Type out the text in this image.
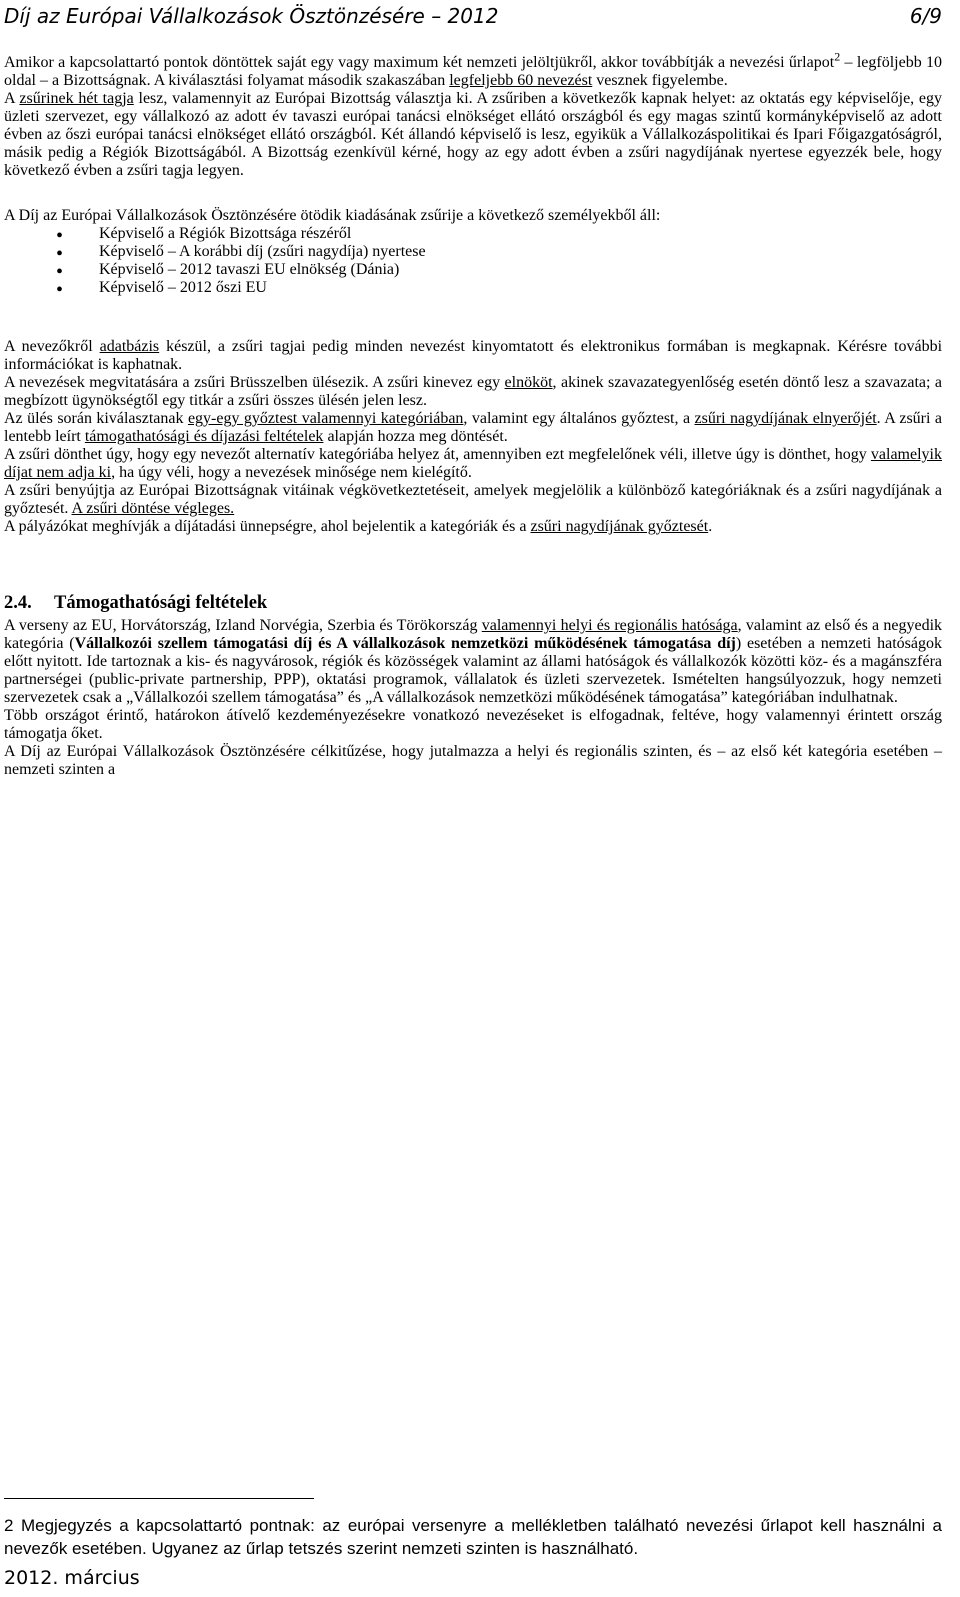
Díj az Európai Vállalkozások Ösztönzésére – 2012	6/9

Amikor a kapcsolattartó pontok döntöttek saját egy vagy maximum két nemzeti jelöltjükről, akkor továbbítják a nevezési űrlapot$^2$ – legföljebb 10 oldal – a Bizottságnak. A kiválasztási folyamat második szakaszában legfeljebb 60 nevezést vesznek figyelembe.

A zsűrinek hét tagja lesz, valamennyit az Európai Bizottság választja ki. A zsűriben a következők kapnak helyet: az oktatás egy képviselője, egy üzleti szervezet, egy vállalkozó az adott év tavaszi európai tanácsi elnökséget ellátó országból és egy magas szintű kormányképviselő az adott évben az őszi európai tanácsi elnökséget ellátó országból. Két állandó képviselő is lesz, egyikük a Vállalkozáspolitikai és Ipari Főigazgatóságról, másik pedig a Régiók Bizottságából. A Bizottság ezenkívül kérné, hogy az egy adott évben a zsűri nagydíjának nyertese egyezzék bele, hogy következő évben a zsűri tagja legyen.

A Díj az Európai Vállalkozások Ösztönzésére ötödik kiadásának zsűrije a következő személyekből áll:

• Képviselő a Régiók Bizottsága részéről
• Képviselő – A korábbi díj (zsűri nagydíja) nyertese
• Képviselő – 2012 tavaszi EU elnökség (Dánia)
• Képviselő – 2012 őszi EU

A nevezőkről adatbázis készül, a zsűri tagjai pedig minden nevezést kinyomtatott és elektronikus formában is megkapnak. Kérésre további információkat is kaphatnak.

A nevezések megvitatására a zsűri Brüsszelben ülésezik. A zsűri kinevez egy elnököt, akinek szavazategyenlőség esetén döntő lesz a szavazata; a megbízott ügynökségtől egy titkár a zsűri összes ülésén jelen lesz.

Az ülés során kiválasztanak egy-egy győztest valamennyi kategóriában, valamint egy általános győztest, a zsűri nagydíjának elnyerőjét. A zsűri a lentebb leírt támogathatósági és díjazási feltételek alapján hozza meg döntését.

A zsűri dönthet úgy, hogy egy nevezőt alternatív kategóriába helyez át, amennyiben ezt megfelelőnek véli, illetve úgy is dönthet, hogy valamelyik díjat nem adja ki, ha úgy véli, hogy a nevezések minősége nem kielégítő.

A zsűri benyújtja az Európai Bizottságnak vitáinak végkövetkeztetéseit, amelyek megjelölik a különböző kategóriáknak és a zsűri nagydíjának a győztesét. A zsűri döntése végleges.

A pályázókat meghívják a díjátadási ünnepségre, ahol bejelentik a kategóriák és a zsűri nagydíjának győztesét.

2.4. Támogathatósági feltételek

A verseny az EU, Horvátország, Izland Norvégia, Szerbia és Törökország valamennyi helyi és regionális hatósága, valamint az első és a negyedik kategória (Vállalkozói szellem támogatási díj és A vállalkozások nemzetközi működésének támogatása díj) esetében a nemzeti hatóságok előtt nyitott. Ide tartoznak a kis- és nagyvárosok, régiók és közösségek valamint az állami hatóságok és vállalkozók közötti köz- és a magánszféra partnerségei (public-private partnership, PPP), oktatási programok, vállalatok és üzleti szervezetek. Ismételten hangsúlyozzuk, hogy nemzeti szervezetek csak a „Vállalkozói szellem támogatása” és „A vállalkozások nemzetközi működésének támogatása” kategóriában indulhatnak.

Több országot érintő, határokon átívelő kezdeményezésekre vonatkozó nevezéseket is elfogadnak, feltéve, hogy valamennyi érintett ország támogatja őket.

A Díj az Európai Vállalkozások Ösztönzésére célkitűzése, hogy jutalmazza a helyi és regionális szinten, és – az első két kategória esetében – nemzeti szinten a

2 Megjegyzés a kapcsolattartó pontnak: az európai versenyre a mellékletben található nevezési űrlapot kell használni a nevezők esetében. Ugyanez az űrlap tetszés szerint nemzeti szinten is használható.

2012. március
